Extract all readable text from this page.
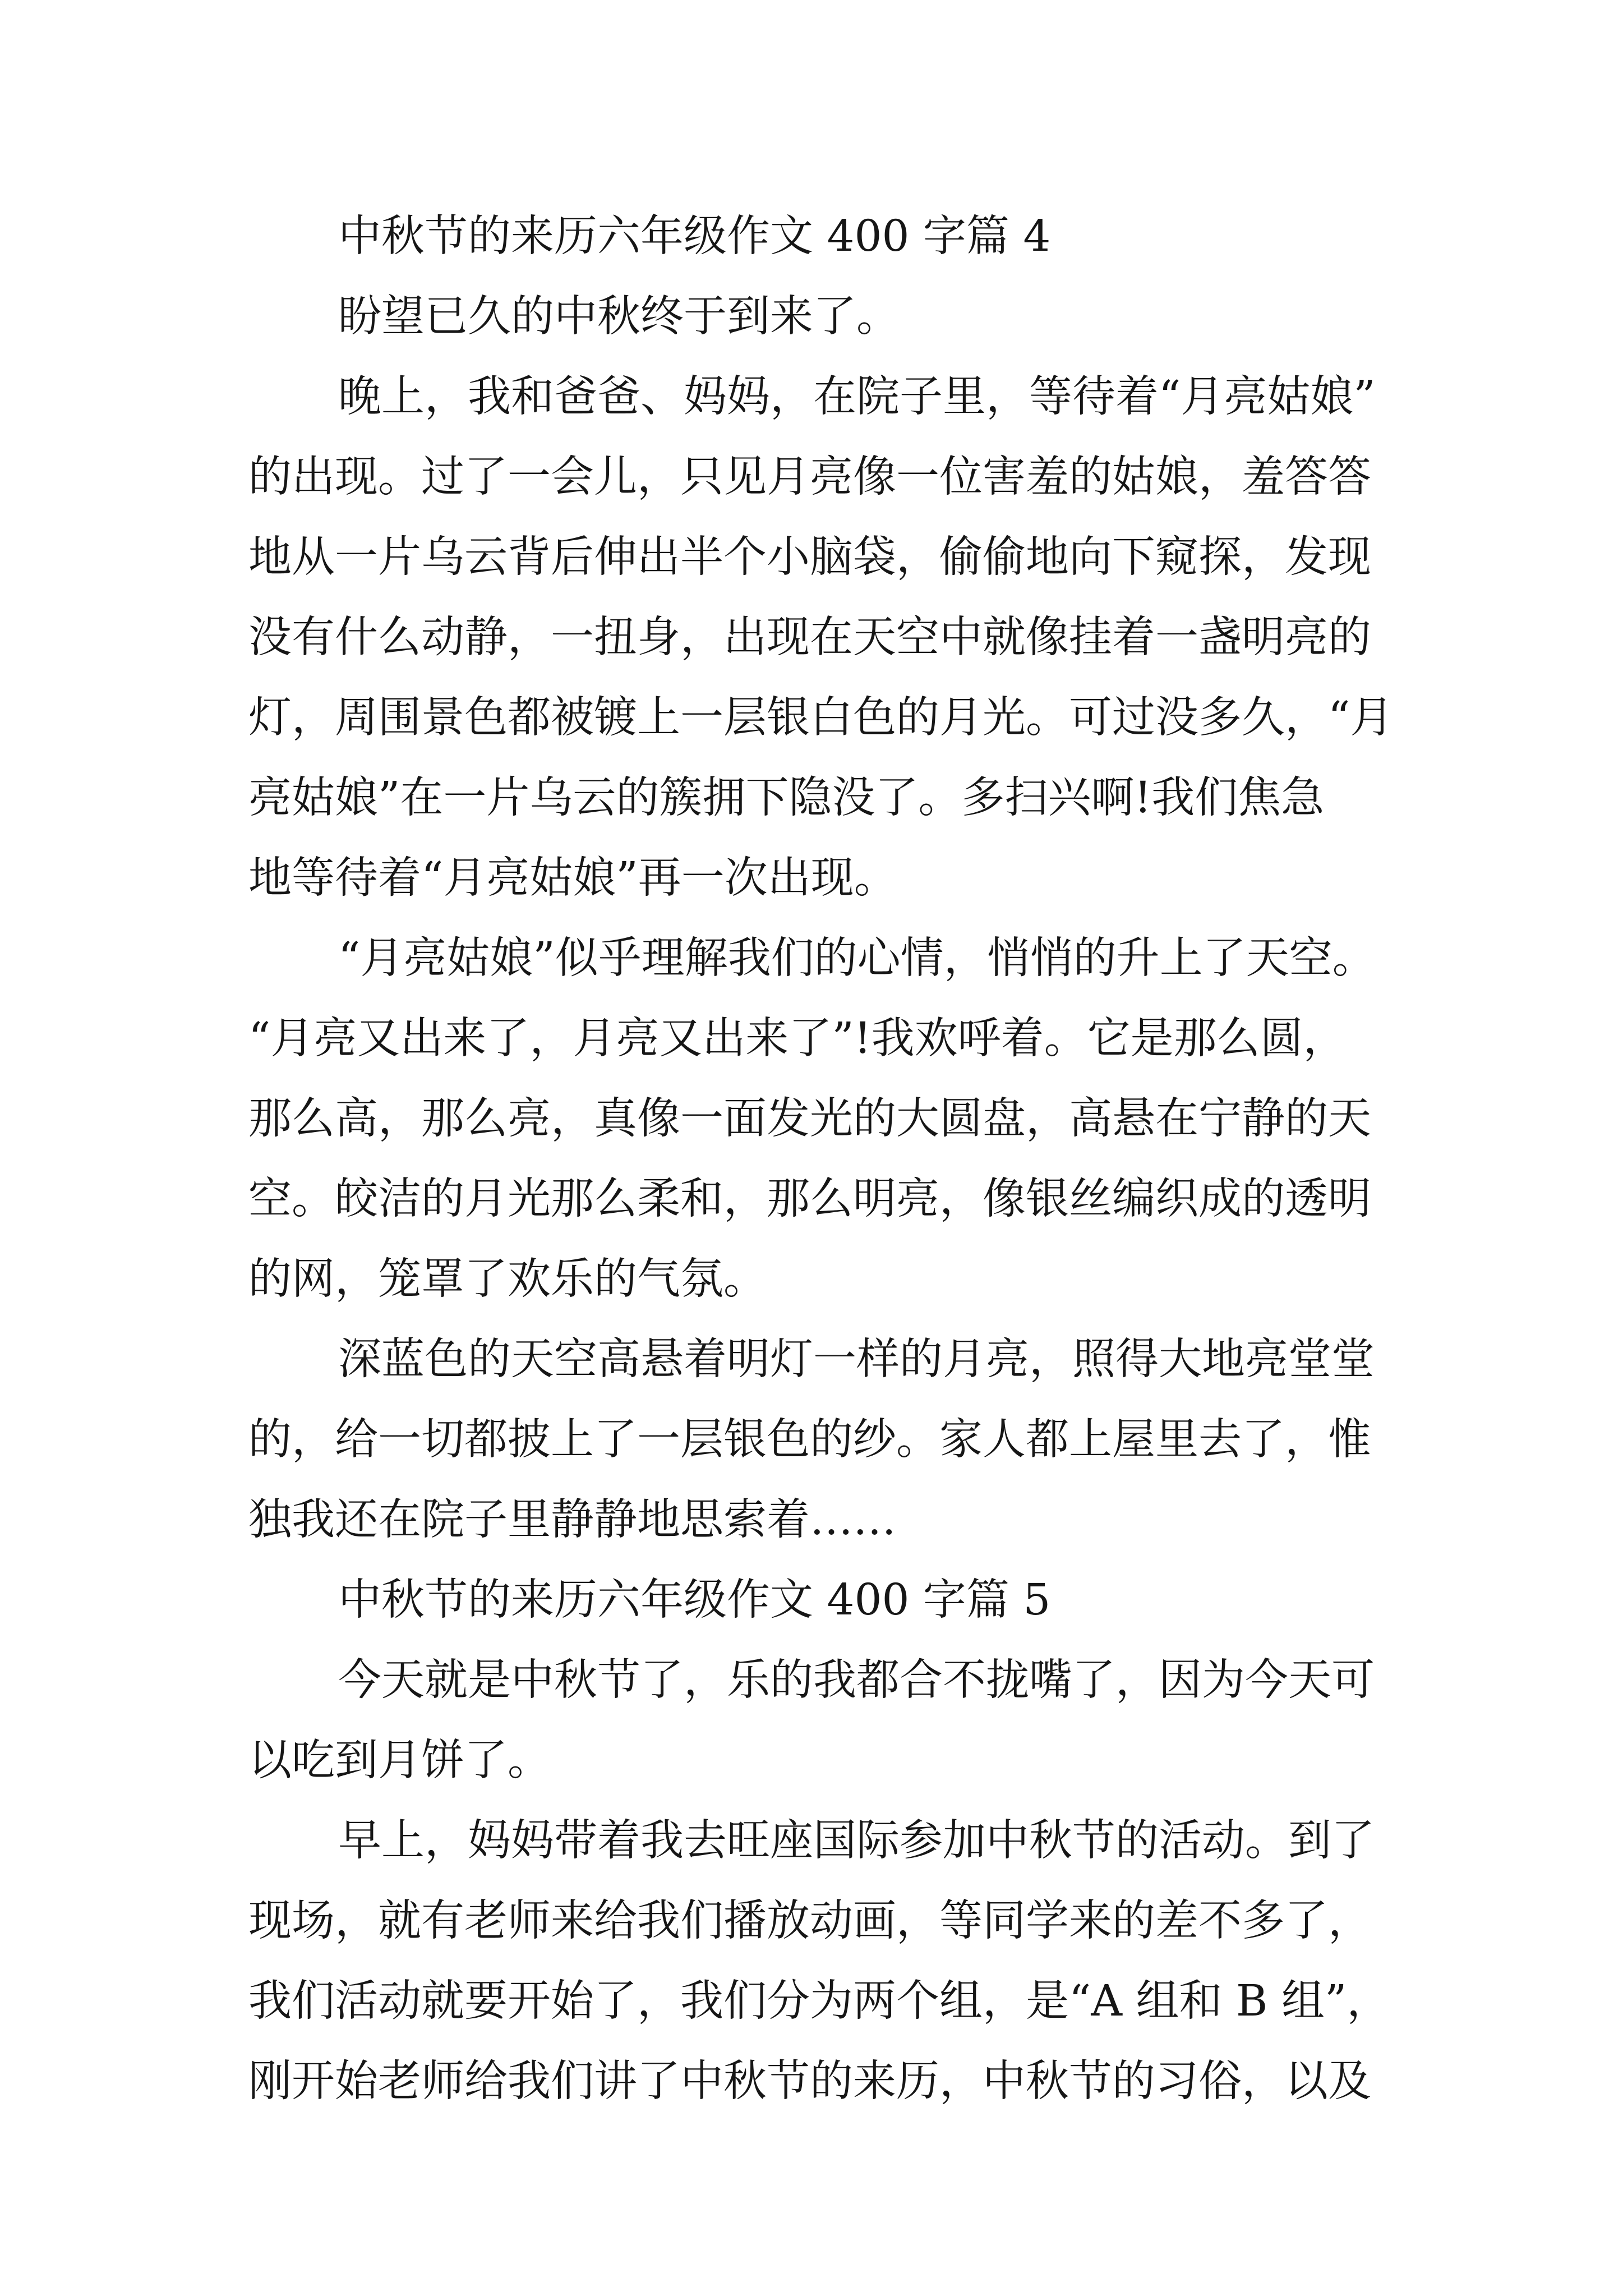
中秋节的来历六年级作文 400 字篇 4
盼望已久的中秋终于到来了。
晚上，我和爸爸、妈妈，在院子里，等待着“月亮姑娘”
的出现。过了一会儿，只见月亮像一位害羞的姑娘，羞答答
地从一片乌云背后伸出半个小脑袋，偷偷地向下窥探，发现
没有什么动静，一扭身，出现在天空中就像挂着一盏明亮的
灯，周围景色都被镀上一层银白色的月光。可过没多久，“月
亮姑娘”在一片乌云的簇拥下隐没了。多扫兴啊!我们焦急
地等待着“月亮姑娘”再一次出现。
“月亮姑娘”似乎理解我们的心情，悄悄的升上了天空。
“月亮又出来了，月亮又出来了”!我欢呼着。它是那么圆，
那么高，那么亮，真像一面发光的大圆盘，高悬在宁静的天
空。皎洁的月光那么柔和，那么明亮，像银丝编织成的透明
的网，笼罩了欢乐的气氛。
深蓝色的天空高悬着明灯一样的月亮，照得大地亮堂堂
的，给一切都披上了一层银色的纱。家人都上屋里去了，惟
独我还在院子里静静地思索着……
中秋节的来历六年级作文 400 字篇 5
今天就是中秋节了，乐的我都合不拢嘴了，因为今天可
以吃到月饼了。
早上，妈妈带着我去旺座国际参加中秋节的活动。到了
现场，就有老师来给我们播放动画，等同学来的差不多了，
我们活动就要开始了，我们分为两个组，是“A 组和 B 组”，
刚开始老师给我们讲了中秋节的来历，中秋节的习俗，以及
